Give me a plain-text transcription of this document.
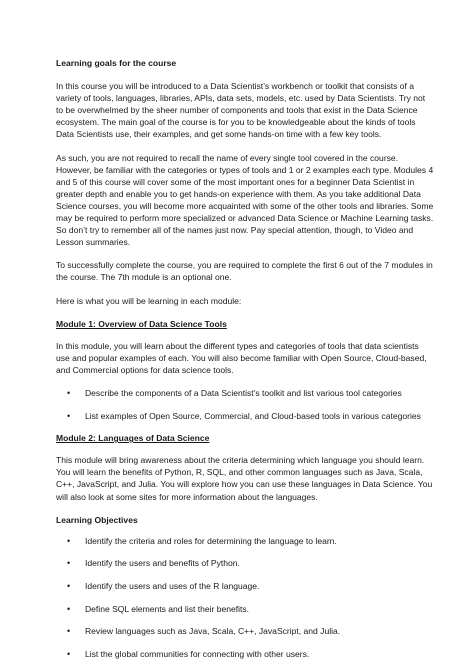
Learning goals for the course

In this course you will be introduced to a Data Scientist’s workbench or toolkit that consists of a variety of tools, languages, libraries, APIs, data sets, models, etc. used by Data Scientists. Try not to be overwhelmed by the sheer number of components and tools that exist in the Data Science ecosystem. The main goal of the course is for you to be knowledgeable about the kinds of tools Data Scientists use, their examples, and get some hands-on time with a few key tools.

As such, you are not required to recall the name of every single tool covered in the course. However, be familiar with the categories or types of tools and 1 or 2 examples each type. Modules 4 and 5 of this course will cover some of the most important ones for a beginner Data Scientist in greater depth and enable you to get hands-on experience with them. As you take additional Data Science courses, you will become more acquainted with some of the other tools and libraries. Some may be required to perform more specialized or advanced Data Science or Machine Learning tasks. So don’t try to remember all of the names just now. Pay special attention, though, to Video and Lesson summaries.

To successfully complete the course, you are required to complete the first 6 out of the 7 modules in the course. The 7th module is an optional one.

Here is what you will be learning in each module:

Module 1: Overview of Data Science Tools

In this module, you will learn about the different types and categories of tools that data scientists use and popular examples of each. You will also become familiar with Open Source, Cloud-based, and Commercial options for data science tools.

• Describe the components of a Data Scientist’s toolkit and list various tool categories
• List examples of Open Source, Commercial, and Cloud-based tools in various categories
Module 2: Languages of Data Science

This module will bring awareness about the criteria determining which language you should learn. You will learn the benefits of Python, R, SQL, and other common languages such as Java, Scala, C++, JavaScript, and Julia. You will explore how you can use these languages in Data Science. You will also look at some sites for more information about the languages.

Learning Objectives
• Identify the criteria and roles for determining the language to learn.
• Identify the users and benefits of Python.
• Identify the users and uses of the R language.
• Define SQL elements and list their benefits.
• Review languages such as Java, Scala, C++, JavaScript, and Julia.
• List the global communities for connecting with other users.
